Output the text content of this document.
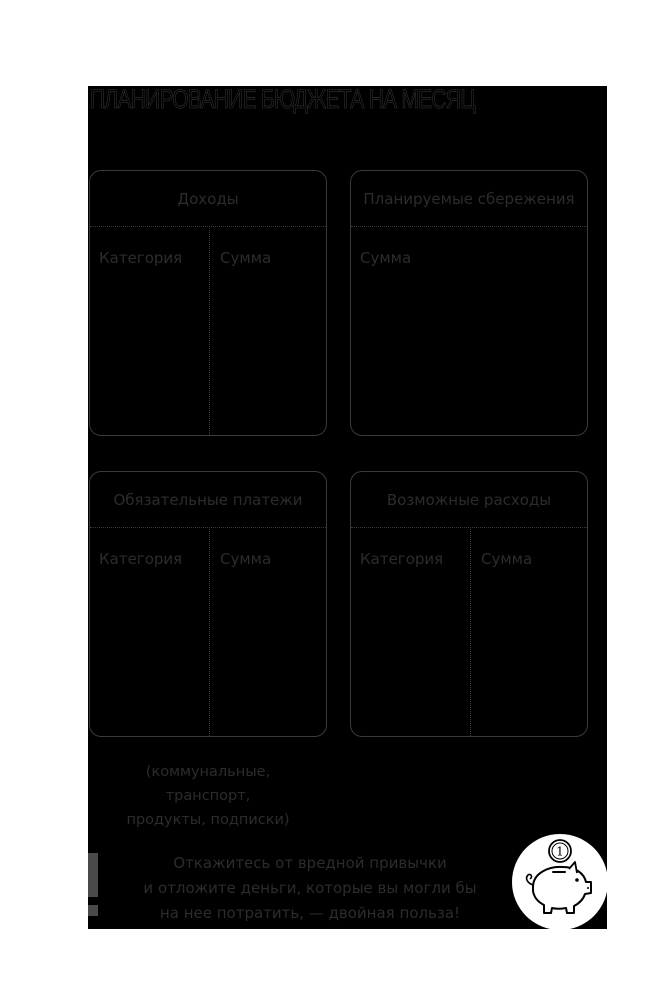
ПЛАНИРОВАНИЕ БЮДЖЕТА НА МЕСЯЦ
Доходы
Категория	Сумма
Планируемые сбережения
Сумма
Обязательные платежи
Категория	Сумма
Возможные расходы
Категория	Сумма
(коммунальные,
транспорт,
продукты, подписки)
Откажитесь от вредной привычки
и отложите деньги, которые вы могли бы
на нее потратить, — двойная польза!
1
